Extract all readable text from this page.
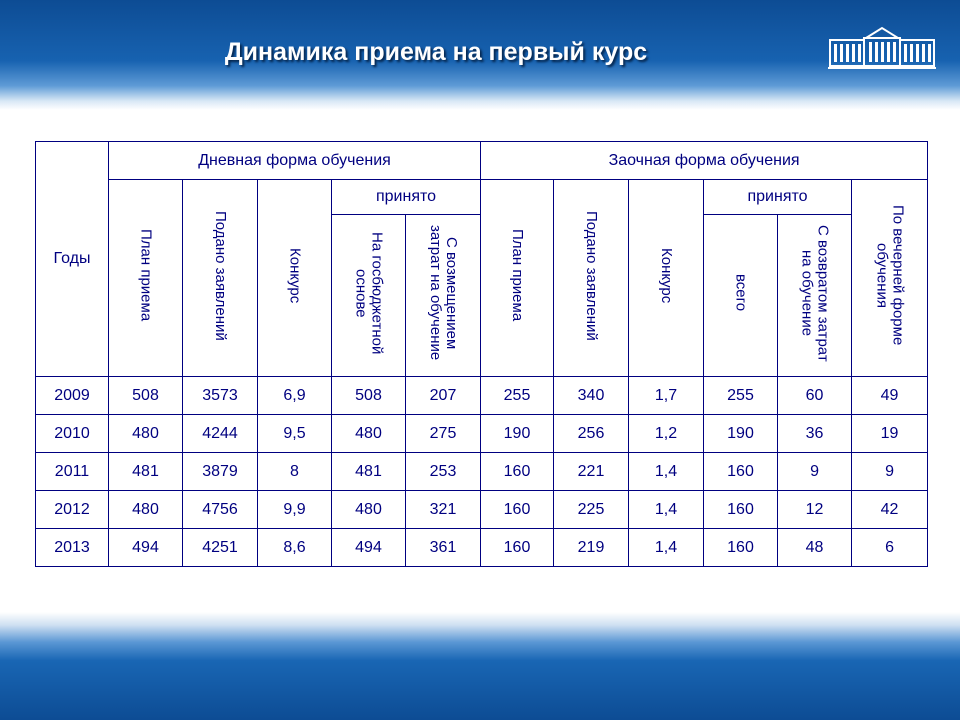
Динамика приема на первый курс
Годы	Дневная форма обучения					Заочная форма обучения					
	План приема	Подано заявлений	Конкурс	принято		План приема	Подано заявлений	Конкурс	принято		По вечерней форме обучения
				На госбюджетной основе	С возмещением затрат на обучение				всего	С возвратом затрат на обучение	
2009	508	3573	6,9	508	207	255	340	1,7	255	60	49
2010	480	4244	9,5	480	275	190	256	1,2	190	36	19
2011	481	3879	8	481	253	160	221	1,4	160	9	9
2012	480	4756	9,9	480	321	160	225	1,4	160	12	42
2013	494	4251	8,6	494	361	160	219	1,4	160	48	6
